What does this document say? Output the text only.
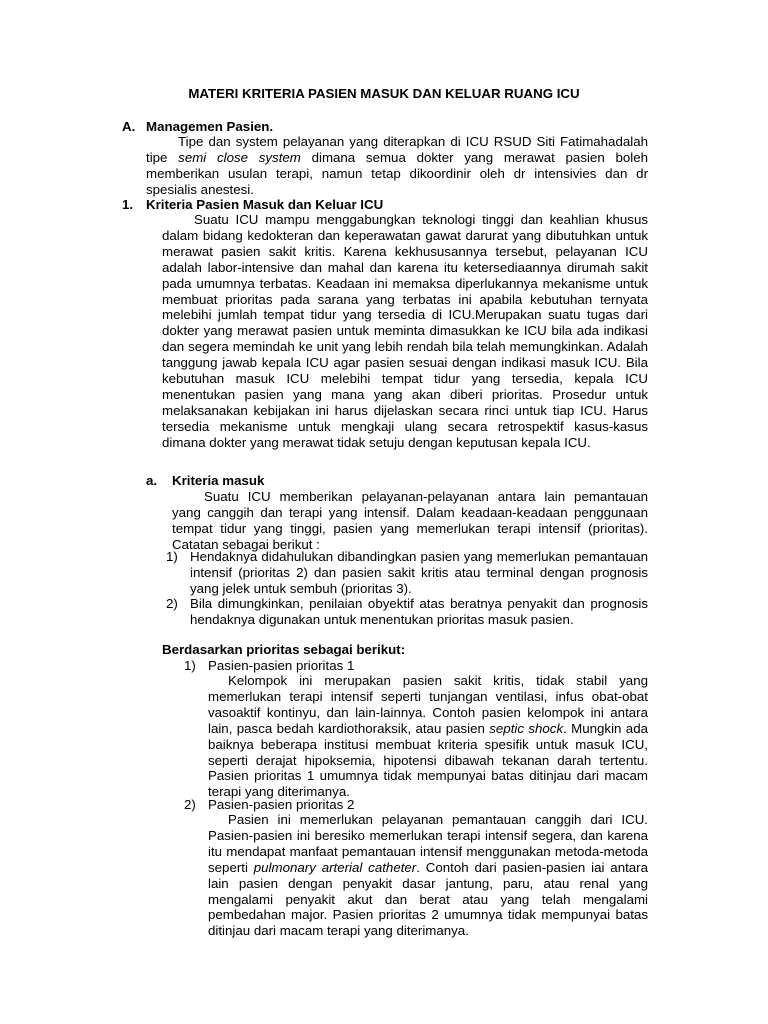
MATERI KRITERIA PASIEN MASUK DAN KELUAR RUANG ICU
A. Managemen Pasien.

Tipe dan system pelayanan yang diterapkan di ICU RSUD Siti Fatimahadalah tipe semi close system dimana semua dokter yang merawat pasien boleh memberikan usulan terapi, namun tetap dikoordinir oleh dr intensivies dan dr spesialis anestesi.

1. Kriteria Pasien Masuk dan Keluar ICU

Suatu ICU mampu menggabungkan teknologi tinggi dan keahlian khusus dalam bidang kedokteran dan keperawatan gawat darurat yang dibutuhkan untuk merawat pasien sakit kritis. Karena kekhususannya tersebut, pelayanan ICU adalah labor-intensive dan mahal dan karena itu ketersediaannya dirumah sakit pada umumnya terbatas. Keadaan ini memaksa diperlukannya mekanisme untuk membuat prioritas pada sarana yang terbatas ini apabila kebutuhan ternyata melebihi jumlah tempat tidur yang tersedia di ICU.Merupakan suatu tugas dari dokter yang merawat pasien untuk meminta dimasukkan ke ICU bila ada indikasi dan segera memindah ke unit yang lebih rendah bila telah memungkinkan. Adalah tanggung jawab kepala ICU agar pasien sesuai dengan indikasi masuk ICU. Bila kebutuhan masuk ICU melebihi tempat tidur yang tersedia, kepala ICU menentukan pasien yang mana yang akan diberi prioritas. Prosedur untuk melaksanakan kebijakan ini harus dijelaskan secara rinci untuk tiap ICU. Harus tersedia mekanisme untuk mengkaji ulang secara retrospektif kasus-kasus dimana dokter yang merawat tidak setuju dengan keputusan kepala ICU.

a.	Kriteria masuk

Suatu ICU memberikan pelayanan-pelayanan antara lain pemantauan yang canggih dan terapi yang intensif. Dalam keadaan-keadaan penggunaan tempat tidur yang tinggi, pasien yang memerlukan terapi intensif (prioritas). Catatan sebagai berikut :

1) Hendaknya didahulukan dibandingkan pasien yang memerlukan pemantauan intensif (prioritas 2) dan pasien sakit kritis atau terminal dengan prognosis yang jelek untuk sembuh (prioritas 3).
2) Bila dimungkinkan, penilaian obyektif atas beratnya penyakit dan prognosis hendaknya digunakan untuk menentukan prioritas masuk pasien.
Berdasarkan prioritas sebagai berikut:
1) Pasien-pasien prioritas 1

Kelompok ini merupakan pasien sakit kritis, tidak stabil yang memerlukan terapi intensif seperti tunjangan ventilasi, infus obat-obat vasoaktif kontinyu, dan lain-lainnya. Contoh pasien kelompok ini antara lain, pasca bedah kardiothoraksik, atau pasien septic shock. Mungkin ada baiknya beberapa institusi membuat kriteria spesifik untuk masuk ICU, seperti derajat hipoksemia, hipotensi dibawah tekanan darah tertentu. Pasien prioritas 1 umumnya tidak mempunyai batas ditinjau dari macam terapi yang diterimanya.

2) Pasien-pasien prioritas 2

Pasien ini memerlukan pelayanan pemantauan canggih dari ICU. Pasien-pasien ini beresiko memerlukan terapi intensif segera, dan karena itu mendapat manfaat pemantauan intensif menggunakan metoda-metoda seperti pulmonary arterial catheter. Contoh dari pasien-pasien iai antara lain pasien dengan penyakit dasar jantung, paru, atau renal yang mengalami penyakit akut dan berat atau yang telah mengalami pembedahan major. Pasien prioritas 2 umumnya tidak mempunyai batas ditinjau dari macam terapi yang diterimanya.
